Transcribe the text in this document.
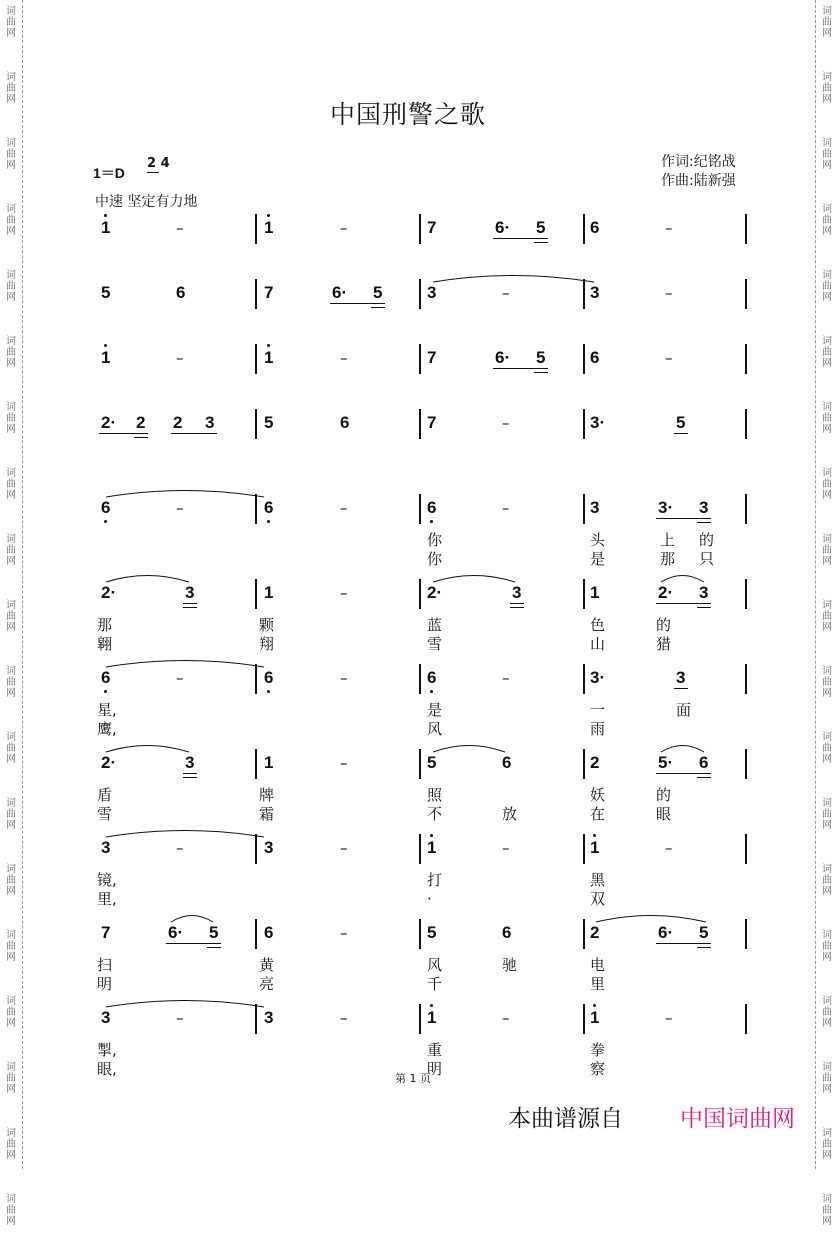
词
曲
网
词
曲
网
词
曲
网
词
曲
网
词
曲
网
词
曲
网
词
曲
网
词
曲
网
词
曲
网
词
曲
网
词
曲
网
词
曲
网
词
曲
网
词
曲
网
词
曲
网
词
曲
网
词
曲
网
词
曲
网
词
曲
网
词
曲
网
词
曲
网
词
曲
网
词
曲
网
词
曲
网
词
曲
网
词
曲
网
词
曲
网
词
曲
网
词
曲
网
词
曲
网
词
曲
网
词
曲
网
词
曲
网
词
曲
网
词
曲
网
词
曲
网
词
曲
网
词
曲
网
中国刑警之歌
1＝D
2 4
中速 坚定有力地
作词:纪铭战
作曲:陆新强
1	–	1	–	7	6· 5	6	–
5	6	7	6· 5	3	–	3	–
1	–	1	–	7	6· 5	6	–
2· 2 2 3	5	6	7	–	3·	5
6	–	6	–	6	–	3	3· 3
你	头	上 的
你	是	那 只
2·	3	1	–	2·	3	1	2· 3
那	颗	蓝	色	的
翱	翔	雪	山	猎
6	–	6	–	6	–	3·	3
星,	是	一	面
鹰,	风	雨
2·	3	1	–	5	6	2	5· 6
盾	牌	照	妖	的
雪	霜	不	放	在	眼
3	–	3	–	1	–	1	–
镜,	打	黑
里,	·	双
7	6· 5	6	–	5	6	2	6· 5
扫	黄	风	驰	电
明	亮	千	里
3	–	3	–	1	–	1	–
掣,	重	拳
眼,	明	察
第 1 页
本曲谱源自 中国词曲网
